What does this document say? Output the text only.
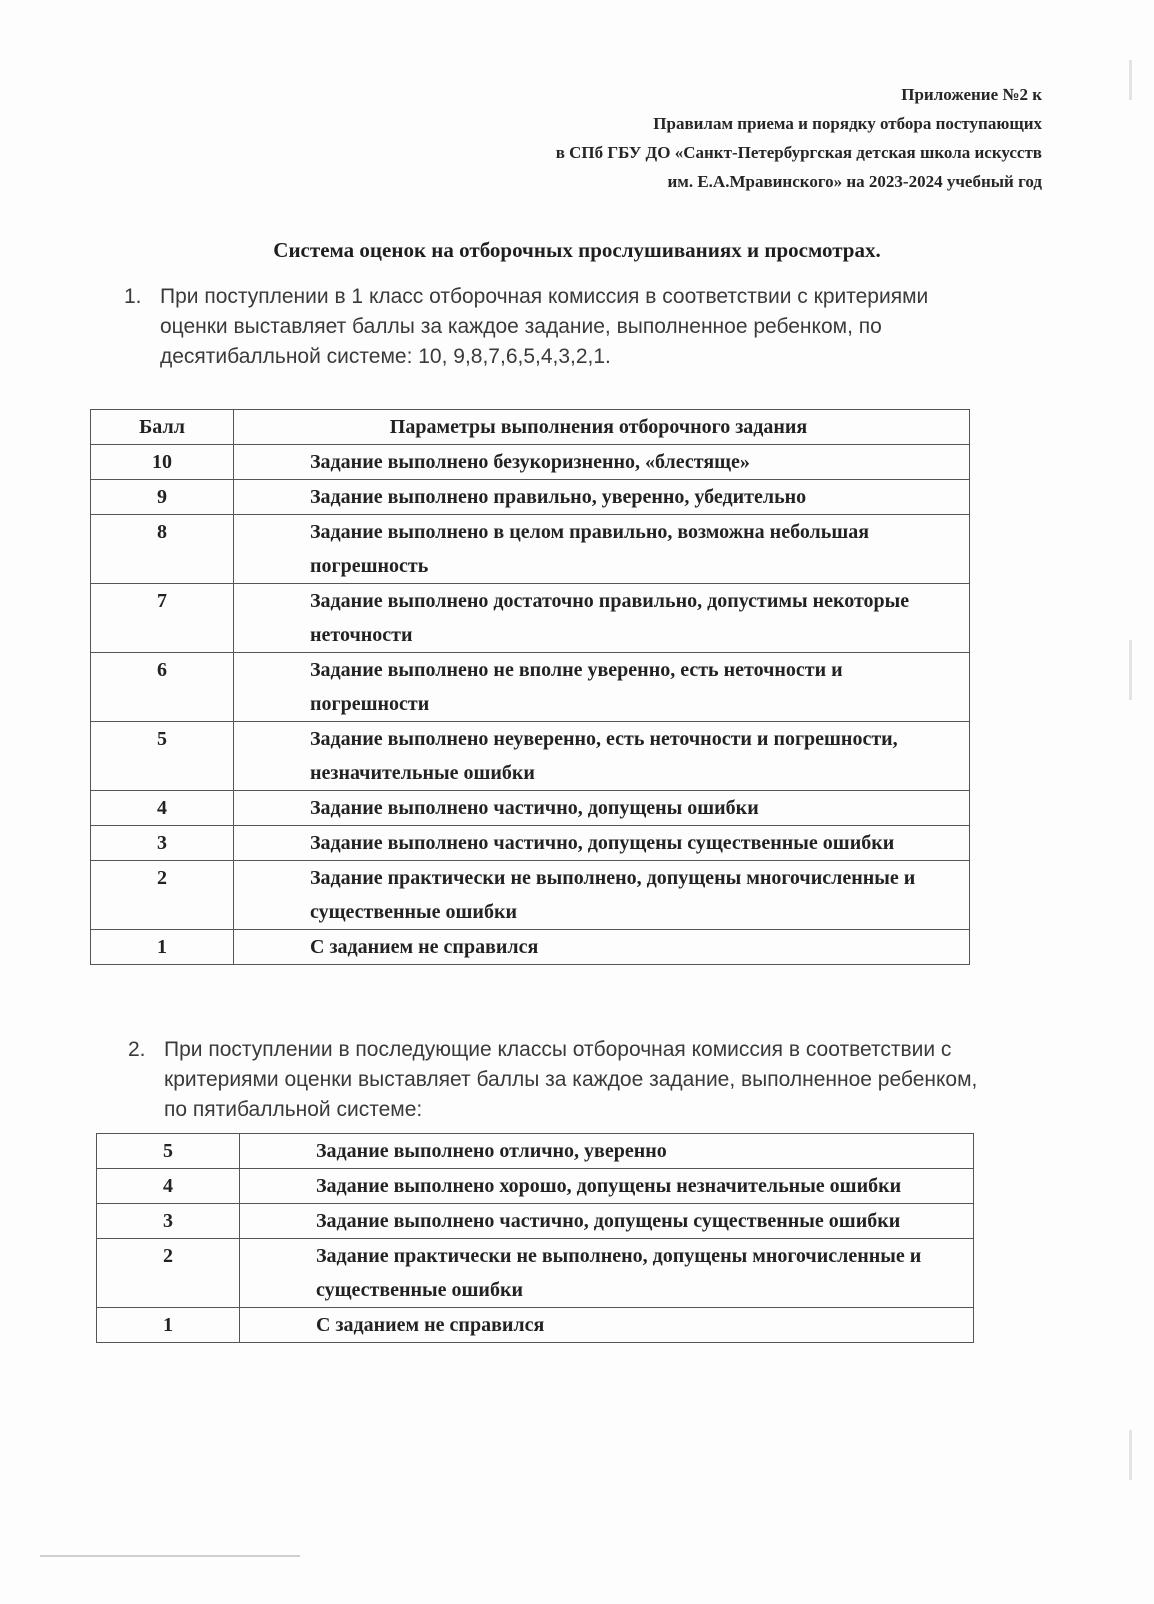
Приложение №2 к
Правилам приема и порядку отбора поступающих
в СПб ГБУ ДО «Санкт-Петербургская детская школа искусств
им. Е.А.Мравинского» на 2023-2024 учебный год
Система оценок на отборочных прослушиваниях и просмотрах.
1. При поступлении в 1 класс отборочная комиссия в соответствии с критериями оценки выставляет баллы за каждое задание, выполненное ребенком, по десятибалльной системе: 10, 9,8,7,6,5,4,3,2,1.
Балл	Параметры выполнения отборочного задания
10	Задание выполнено безукоризненно, «блестяще»
9	Задание выполнено правильно, уверенно, убедительно
8	Задание выполнено в целом правильно, возможна небольшая погрешность
7	Задание выполнено достаточно правильно, допустимы некоторые неточности
6	Задание выполнено не вполне уверенно, есть неточности и погрешности
5	Задание выполнено неуверенно, есть неточности и погрешности, незначительные ошибки
4	Задание выполнено частично, допущены ошибки
3	Задание выполнено частично, допущены существенные ошибки
2	Задание практически не выполнено, допущены многочисленные и существенные ошибки
1	С заданием не справился
2. При поступлении в последующие классы отборочная комиссия в соответствии с критериями оценки выставляет баллы за каждое задание, выполненное ребенком, по пятибалльной системе:
5	Задание выполнено отлично, уверенно
4	Задание выполнено хорошо, допущены незначительные ошибки
3	Задание выполнено частично, допущены существенные ошибки
2	Задание практически не выполнено, допущены многочисленные и существенные ошибки
1	С заданием не справился
